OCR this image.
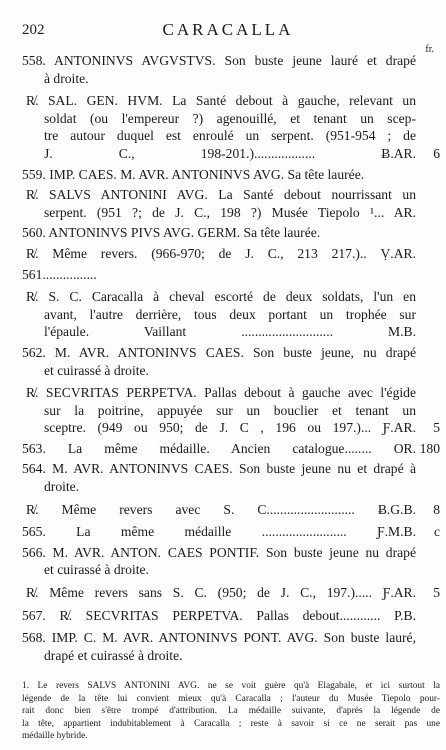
202	CARACALLA
fr.
558. ANTONINVS AVGVSTVS. Son buste jeune lauré et drapé
à droite.
R̸. SAL. GEN. HVM. La Santé debout à gauche, relevant un
soldat (ou l'empereur ?) agenouillé, et tenant un scep-
tre autour duquel est enroulé un serpent. (951-954 ; de
J. C., 198-201.).................. Ƀ.AR. 6
559. IMP. CAES. M. AVR. ANTONINVS AVG. Sa tête laurée.
R̸. SALVS ANTONINI AVG. La Santé debout nourrissant un
serpent. (951 ?; de J. C., 198 ?) Musée Tiepolo ¹... AR.
560. ANTONINVS PIVS AVG. GERM. Sa tête laurée.
R̸. Même revers. (966-970; de J. C., 213 217.).. Ṿ.AR.
561................
R̸. S. C. Caracalla à cheval escorté de deux soldats, l'un en
avant, l'autre derrière, tous deux portant un trophée sur
l'épaule. Vaillant ........................... M.B.
562. M. AVR. ANTONINVS CAES. Son buste jeune, nu drapé
et cuirassé à droite.
R̸. SECVRITAS PERPETVA. Pallas debout à gauche avec l'égide
sur la poitrine, appuyée sur un bouclier et tenant un
sceptre. (949 ou 950; de J. C , 196 ou 197.)... Ƒ.AR. 5
563. La même médaille. Ancien catalogue........ OR. 180
564. M. AVR. ANTONINVS CAES. Son buste jeune nu et drapé à
droite.
R̸. Même revers avec S. C.......................... Ƀ.G.B. 8
565. La même médaille ......................... Ƒ.M.B. c
566. M. AVR. ANTON. CAES PONTIF. Son buste jeune nu drapé
et cuirassé à droite.
R̸. Même revers sans S. C. (950; de J. C., 197.)..... Ƒ.AR. 5
567. R̸. SECVRITAS PERPETVA. Pallas debout............ P.B.
568. IMP. C. M. AVR. ANTONINVS PONT. AVG. Son buste lauré,
drapé et cuirassé à droite.
1. Le revers SALVS ANTONINI AVG. ne se voit guère qu'à Elagabale, et ici surtout la
légende de la tête lui convient mieux qu'à Caracalla ; l'auteur du Musée Tiepolo pour-
rait donc bien s'être trompé d'attribution. La médaille suivante, d'après la légende de
la tête, appartient indubitablement à Caracalla ; reste à savoir si ce ne serait pas une
médaille hybride.
